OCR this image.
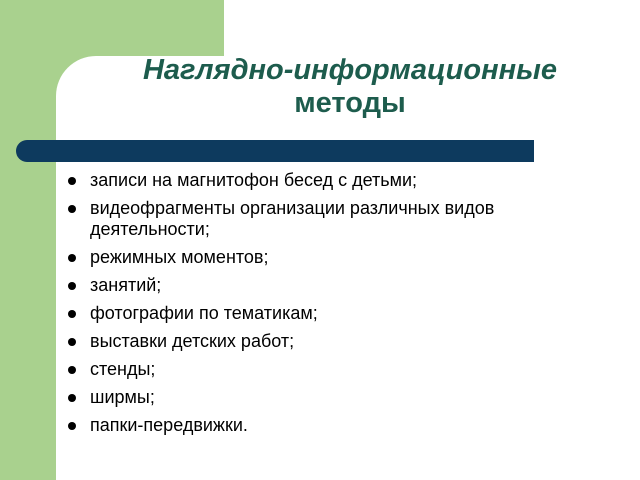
Наглядно-информационные
методы
записи на магнитофон бесед с детьми;
видеофрагменты организации различных видов деятельности;
режимных моментов;
занятий;
фотографии по тематикам;
выставки детских работ;
стенды;
ширмы;
папки-передвижки.
